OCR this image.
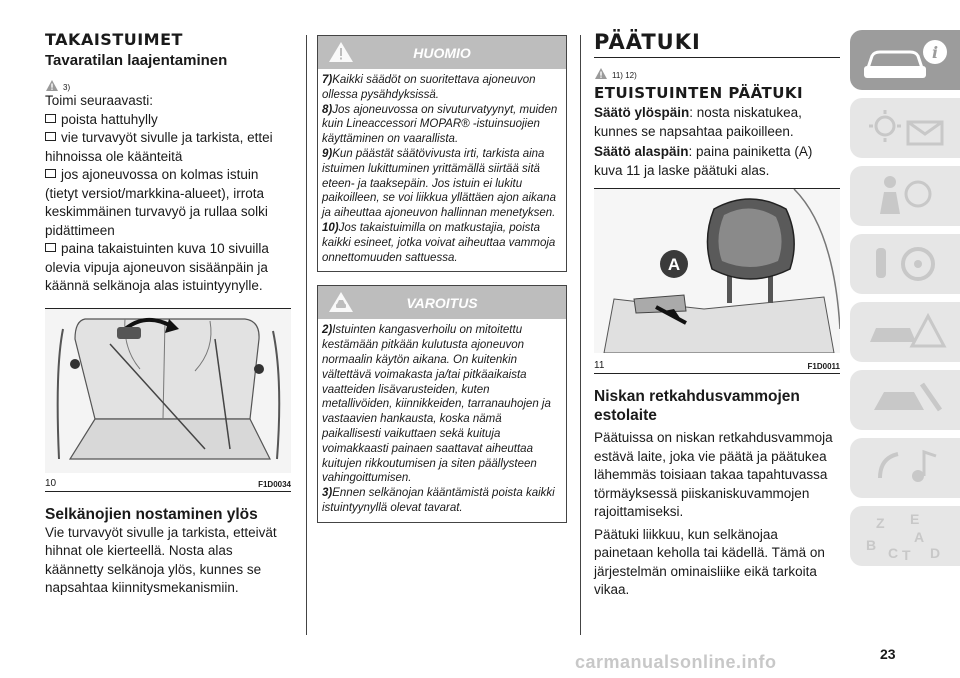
TAKAISTUIMET
Tavaratilan laajentaminen
3)

Toimi seuraavasti:

poista hattuhylly

vie turvavyöt sivulle ja tarkista, ettei hihnoissa ole käänteitä

jos ajoneuvossa on kolmas istuin (tietyt versiot/markkina-alueet), irrota keskimmäinen turvavyö ja rullaa solki pidättimeen

paina takaistuinten kuva 10 sivuilla olevia vipuja ajoneuvon sisäänpäin ja käännä selkänoja alas istuintyynylle.

10	F1D0034
Selkänojien nostaminen ylös

Vie turvavyöt sivulle ja tarkista, etteivät hihnat ole kierteellä. Nosta alas käännetty selkänoja ylös, kunnes se napsahtaa kiinnitysmekanismiin.

HUOMIO

7)Kaikki säädöt on suoritettava ajoneuvon ollessa pysähdyksissä.

8)Jos ajoneuvossa on sivuturvatyynyt, muiden kuin Lineaccessori MOPAR® -istuinsuojien käyttäminen on vaarallista.

9)Kun päästät säätövivusta irti, tarkista aina istuimen lukittuminen yrittämällä siirtää sitä eteen- ja taaksepäin. Jos istuin ei lukitu paikoilleen, se voi liikkua yllättäen ajon aikana ja aiheuttaa ajoneuvon hallinnan menetyksen.

10)Jos takaistuimilla on matkustajia, poista kaikki esineet, jotka voivat aiheuttaa vammoja onnettomuuden sattuessa.

VAROITUS

2)Istuinten kangasverhoilu on mitoitettu kestämään pitkään kulutusta ajoneuvon normaalin käytön aikana. On kuitenkin vältettävä voimakasta ja/tai pitkäaikaista vaatteiden lisävarusteiden, kuten metallivöiden, kiinnikkeiden, tarranauhojen ja vastaavien hankausta, koska nämä paikallisesti vaikuttaen sekä kuituja voimakkaasti painaen saattavat aiheuttaa kuitujen rikkoutumisen ja siten päällysteen vahingoittumisen.

3)Ennen selkänojan kääntämistä poista kaikki istuintyynyllä olevat tavarat.

PÄÄTUKI
11) 12)
ETUISTUINTEN PÄÄTUKI

Säätö ylöspäin: nosta niskatukea, kunnes se napsahtaa paikoilleen.

Säätö alaspäin: paina painiketta (A) kuva 11 ja laske päätuki alas.

A
11	F1D0011
Niskan retkahdusvammojen estolaite

Päätuissa on niskan retkahdusvammoja estävä laite, joka vie päätä ja päätukea lähemmäs toisiaan takaa tapahtuvassa törmäyksessä piiskaniskuvammojen rajoittamiseksi.

Päätuki liikkuu, kun selkänojaa painetaan keholla tai kädellä. Tämä on järjestelmän ominaisliike eikä tarkoita vikaa.

i
Z E
A
B C T D
carmanualsonline.info	23
